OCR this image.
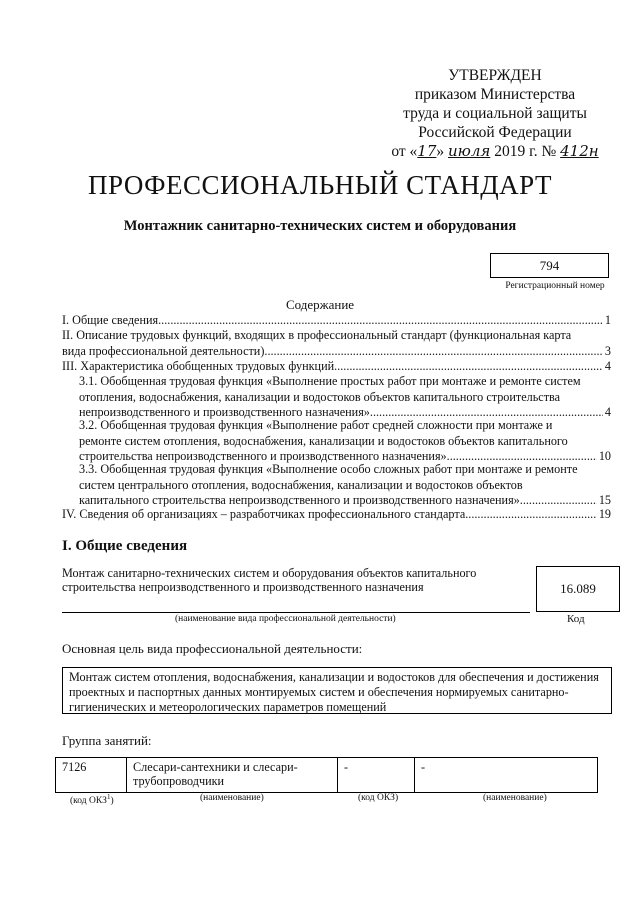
УТВЕРЖДЕН
приказом Министерства
труда и социальной защиты
Российской Федерации
от «17» июля 2019 г. № 412н
ПРОФЕССИОНАЛЬНЫЙ СТАНДАРТ
Монтажник санитарно-технических систем и оборудования
794
Регистрационный номер
Содержание
I. Общие сведения .....	1
II. Описание трудовых функций, входящих в профессиональный стандарт (функциональная карта
вида профессиональной деятельности) .....	3
III. Характеристика обобщенных трудовых функций .....	4
3.1. Обобщенная трудовая функция «Выполнение простых работ при монтаже и ремонте систем
отопления, водоснабжения, канализации и водостоков объектов капитального строительства
непроизводственного и производственного назначения» .....	4
3.2. Обобщенная трудовая функция «Выполнение работ средней сложности при монтаже и
ремонте систем отопления, водоснабжения, канализации и водостоков объектов капитального
строительства непроизводственного и производственного назначения» .....	10
3.3. Обобщенная трудовая функция «Выполнение особо сложных работ при монтаже и ремонте
систем центрального отопления, водоснабжения, канализации и водостоков объектов
капитального строительства непроизводственного и производственного назначения» .....	15
IV. Сведения об организациях – разработчиках профессионального стандарта .....	19
I. Общие сведения
Монтаж санитарно-технических систем и оборудования объектов капитального строительства непроизводственного и производственного назначения
(наименование вида профессиональной деятельности)
16.089
Код
Основная цель вида профессиональной деятельности:
Монтаж систем отопления, водоснабжения, канализации и водостоков для обеспечения и достижения проектных и паспортных данных монтируемых систем и обеспечения нормируемых санитарно-гигиенических и метеорологических параметров помещений
Группа занятий:
7126	Слесари-сантехники и слесари-трубопроводчики	-	-
(код ОКЗ$^1$)	(наименование)	(код ОКЗ)	(наименование)
